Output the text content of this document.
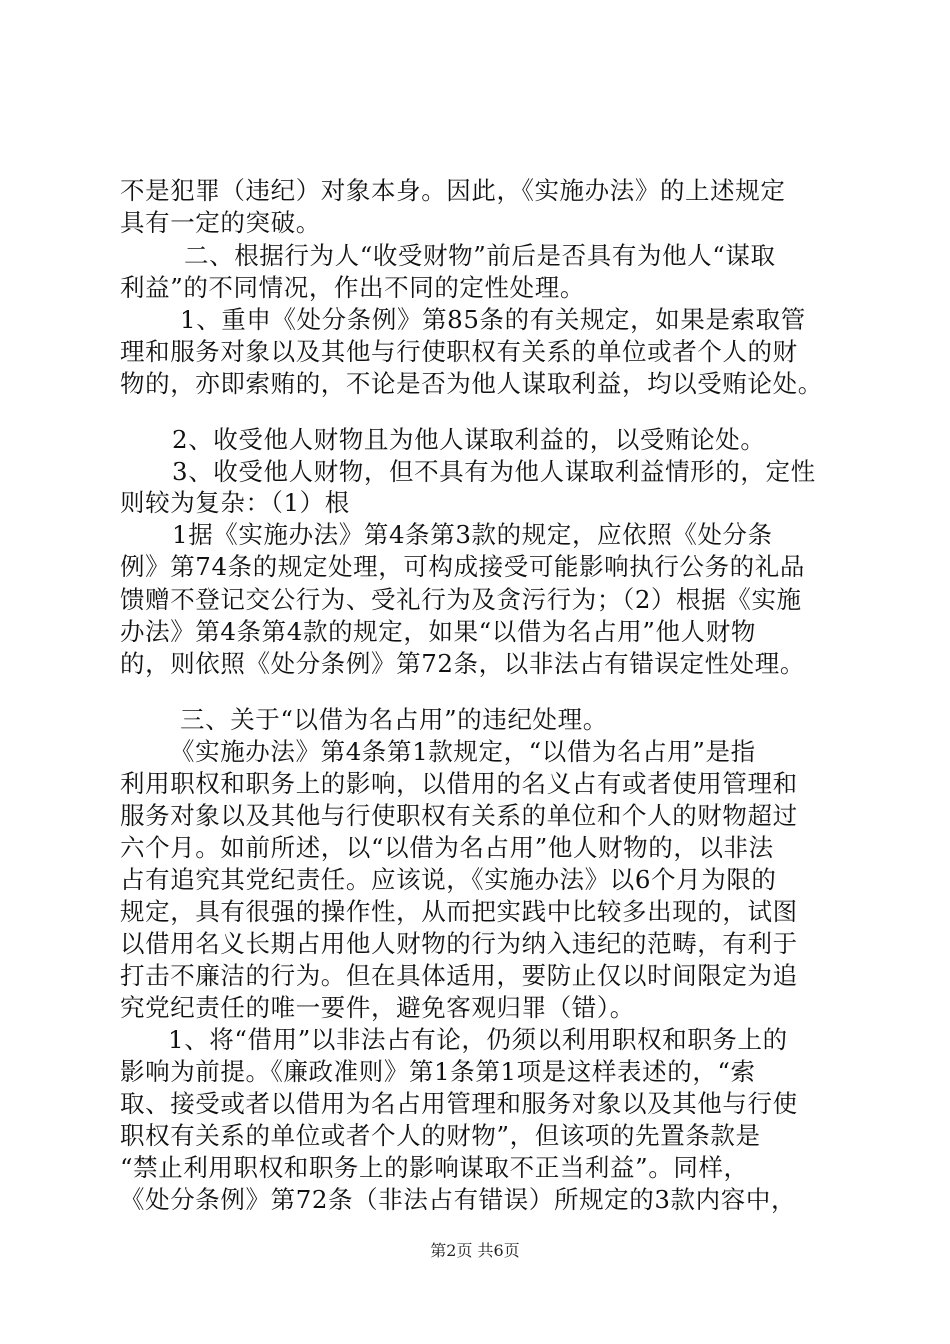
不是犯罪（违纪）对象本身。因此，《实施办法》的上述规定
具有一定的突破。
二、根据行为人“收受财物”前后是否具有为他人“谋取
利益”的不同情况，作出不同的定性处理。
1、重申《处分条例》第85条的有关规定，如果是索取管
理和服务对象以及其他与行使职权有关系的单位或者个人的财
物的，亦即索贿的，不论是否为他人谋取利益，均以受贿论处。
2、收受他人财物且为他人谋取利益的，以受贿论处。
3、收受他人财物，但不具有为他人谋取利益情形的，定性
则较为复杂：（1）根
1据《实施办法》第4条第3款的规定，应依照《处分条
例》第74条的规定处理，可构成接受可能影响执行公务的礼品
馈赠不登记交公行为、受礼行为及贪污行为；（2）根据《实施
办法》第4条第4款的规定，如果“以借为名占用”他人财物
的，则依照《处分条例》第72条，以非法占有错误定性处理。
三、关于“以借为名占用”的违纪处理。
《实施办法》第4条第1款规定，“以借为名占用”是指
利用职权和职务上的影响，以借用的名义占有或者使用管理和
服务对象以及其他与行使职权有关系的单位和个人的财物超过
六个月。如前所述，以“以借为名占用”他人财物的，以非法
占有追究其党纪责任。应该说，《实施办法》以6个月为限的
规定，具有很强的操作性，从而把实践中比较多出现的，试图
以借用名义长期占用他人财物的行为纳入违纪的范畴，有利于
打击不廉洁的行为。但在具体适用，要防止仅以时间限定为追
究党纪责任的唯一要件，避免客观归罪（错）。
1、将“借用”以非法占有论，仍须以利用职权和职务上的
影响为前提。《廉政准则》第1条第1项是这样表述的，“索
取、接受或者以借用为名占用管理和服务对象以及其他与行使
职权有关系的单位或者个人的财物”，但该项的先置条款是
“禁止利用职权和职务上的影响谋取不正当利益”。同样，
《处分条例》第72条（非法占有错误）所规定的3款内容中，
第2页 共6页
